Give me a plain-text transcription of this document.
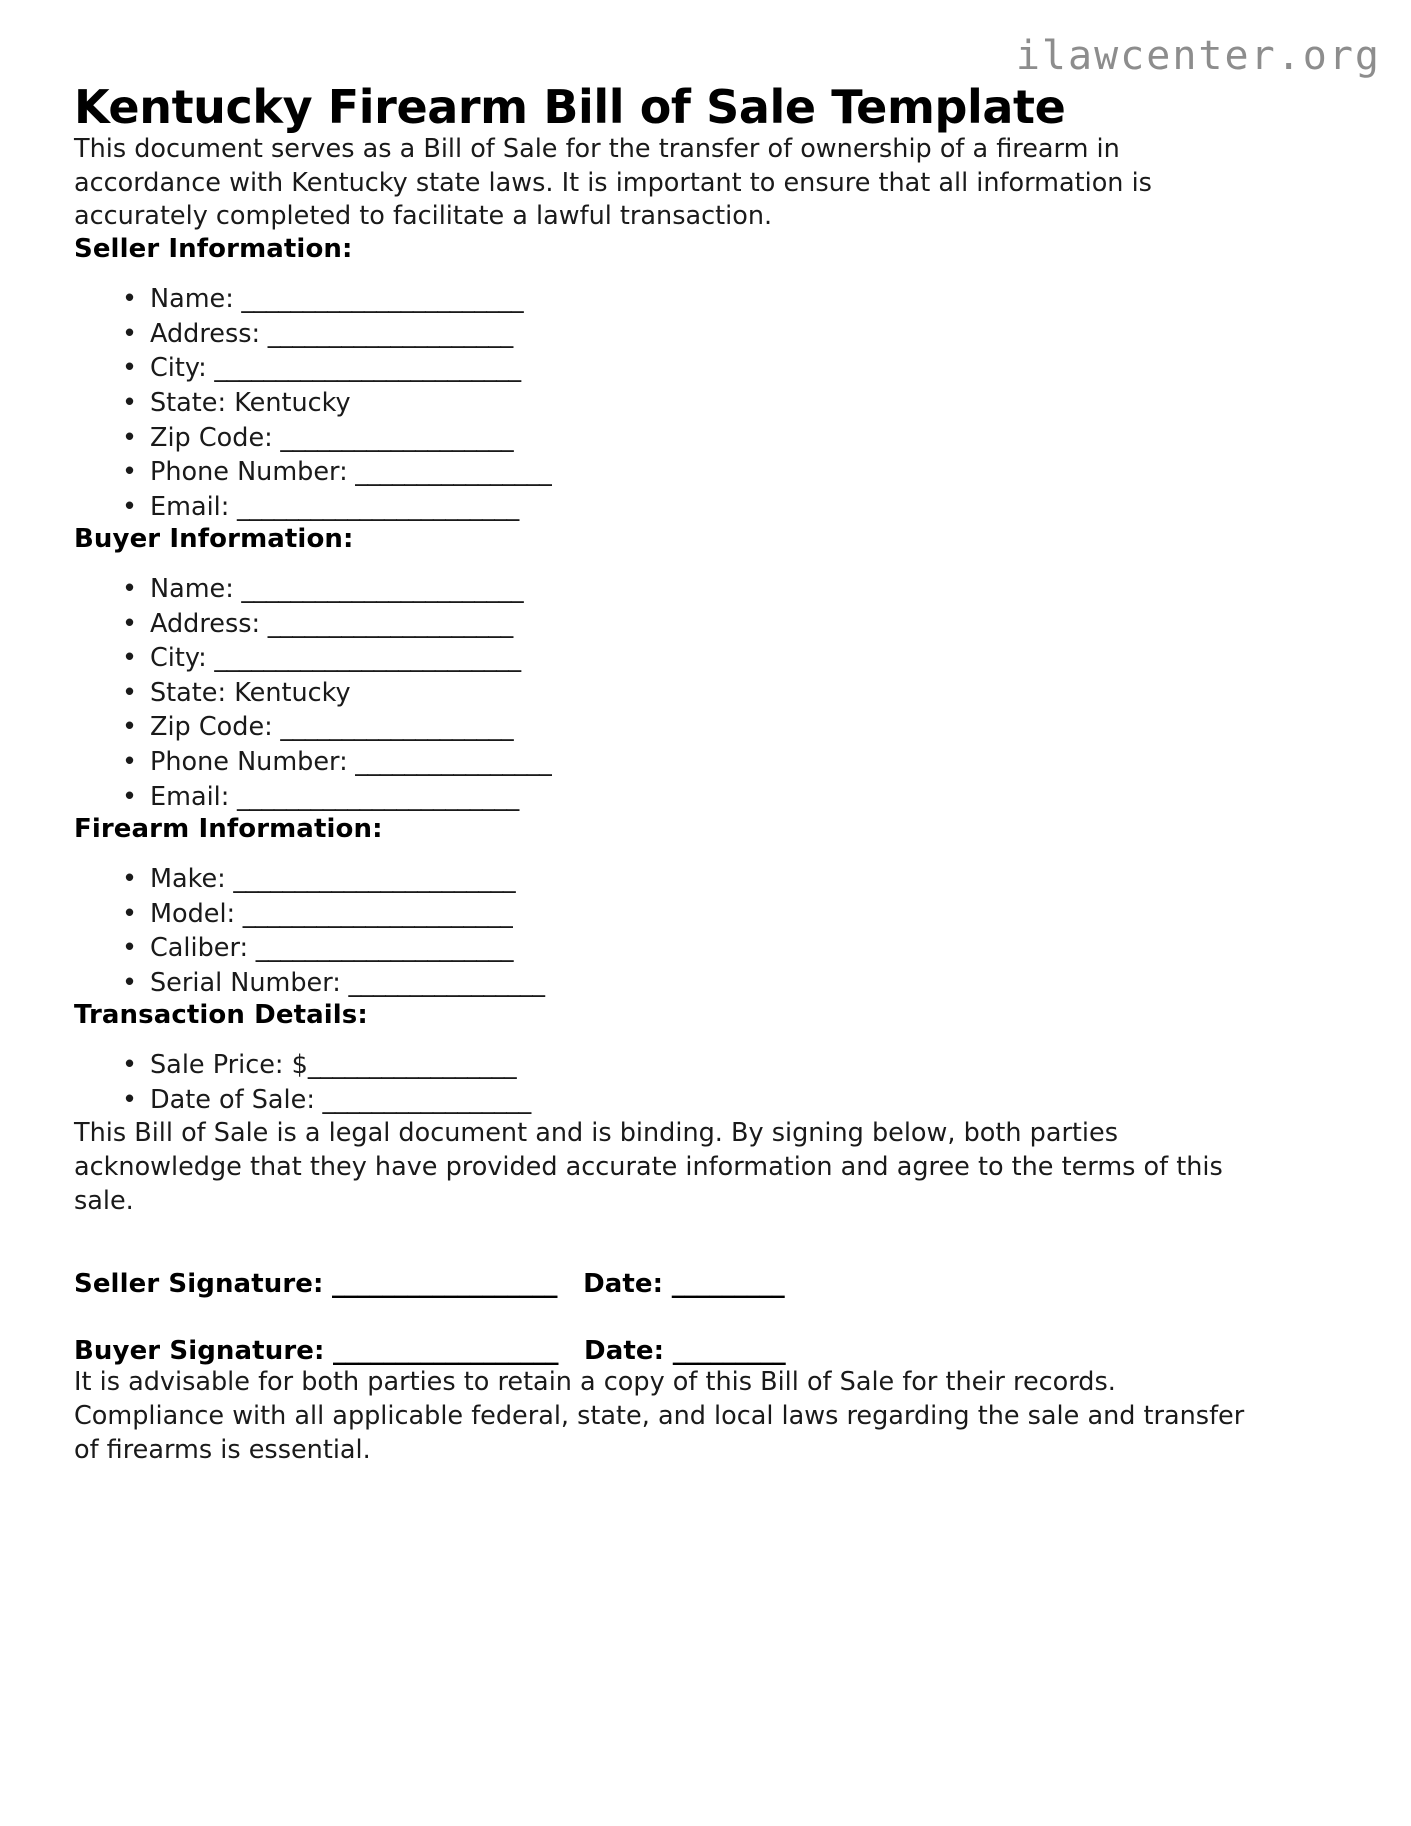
ilawcenter.org
Kentucky Firearm Bill of Sale Template

This document serves as a Bill of Sale for the transfer of ownership of a firearm in accordance with Kentucky state laws. It is important to ensure that all information is accurately completed to facilitate a lawful transaction.

Seller Information:
• Name: _______________________
• Address: ____________________
• City: _________________________
• State: Kentucky
• Zip Code: ___________________
• Phone Number: ________________
• Email: _______________________
Buyer Information:
• Name: _______________________
• Address: ____________________
• City: _________________________
• State: Kentucky
• Zip Code: ___________________
• Phone Number: ________________
• Email: _______________________
Firearm Information:
• Make: _______________________
• Model: ______________________
• Caliber: _____________________
• Serial Number: ________________
Transaction Details:
• Sale Price: $_________________
• Date of Sale: _________________

This Bill of Sale is a legal document and is binding. By signing below, both parties acknowledge that they have provided accurate information and agree to the terms of this sale.

Seller Signature: __________________ Date: _________
Buyer Signature: __________________ Date: _________

It is advisable for both parties to retain a copy of this Bill of Sale for their records. Compliance with all applicable federal, state, and local laws regarding the sale and transfer of firearms is essential.
